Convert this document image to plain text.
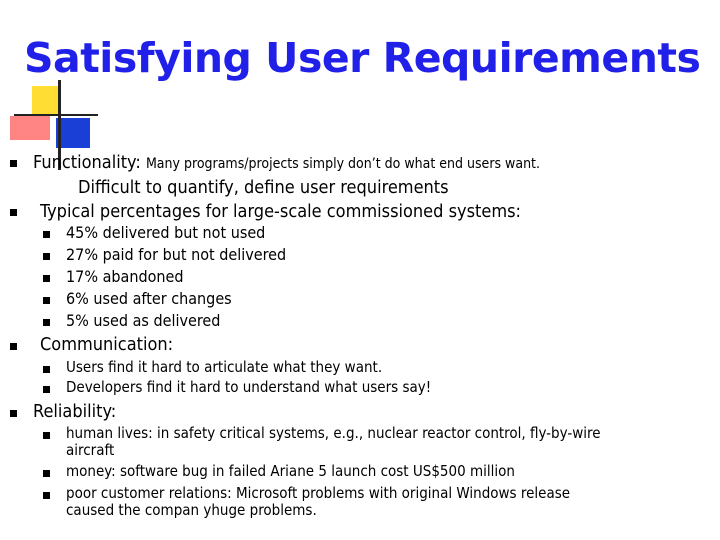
Satisfying User Requirements
Functionality: Many programs/projects simply don’t do what end users want.
Difficult to quantify, define user requirements
Typical percentages for large-scale commissioned systems:
45% delivered but not used
27% paid for but not delivered
17% abandoned
6% used after changes
5% used as delivered
Communication:
Users find it hard to articulate what they want.
Developers find it hard to understand what users say!
Reliability:
human lives: in safety critical systems, e.g., nuclear reactor control, fly-by-wire
aircraft
money: software bug in failed Ariane 5 launch cost US$500 million
poor customer relations: Microsoft problems with original Windows release
caused the compan yhuge problems.
